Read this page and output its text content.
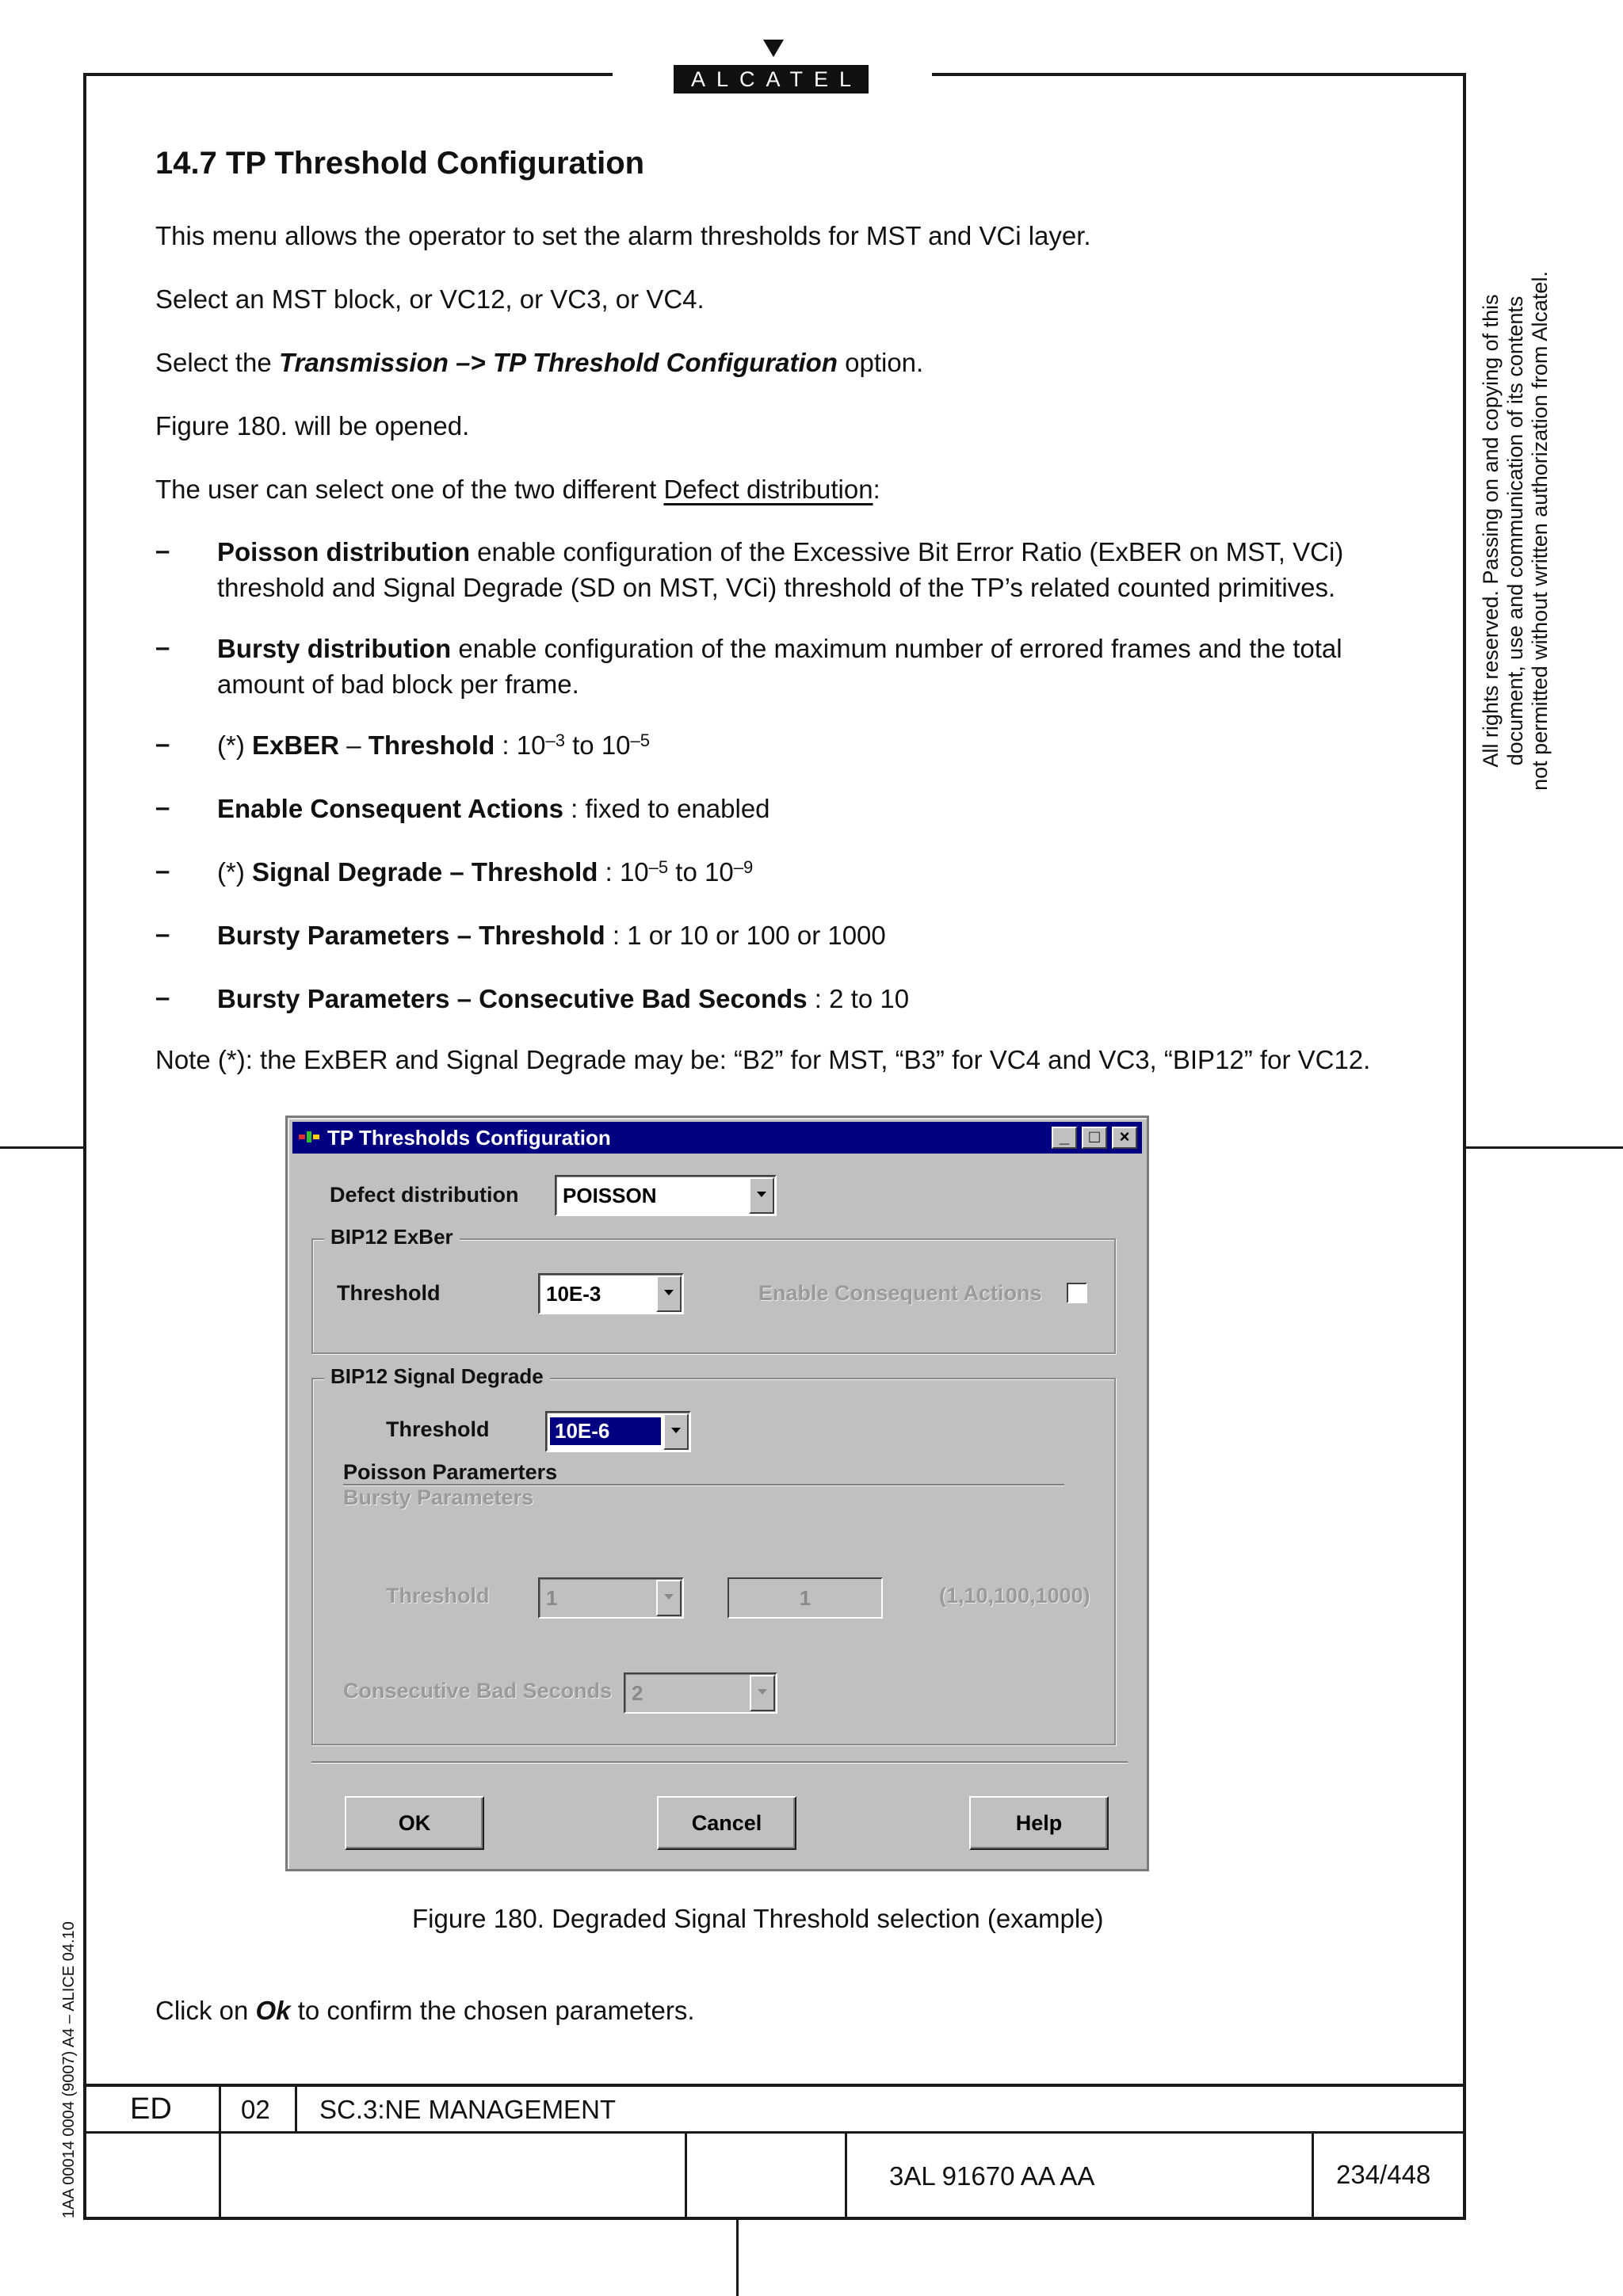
ALCATEL
14.7 TP Threshold Configuration
This menu allows the operator to set the alarm thresholds for MST and VCi layer.
Select an MST block, or VC12, or VC3, or VC4.
Select the Transmission –> TP Threshold Configuration option.
Figure 180. will be opened.
The user can select one of the two different Defect distribution:
– Poisson distribution enable configuration of the Excessive Bit Error Ratio (ExBER on MST, VCi) threshold and Signal Degrade (SD on MST, VCi) threshold of the TP’s related counted primitives.
– Bursty distribution enable configuration of the maximum number of errored frames and the total amount of bad block per frame.
– (*) ExBER – Threshold : $10^{-3}$ to $10^{-5}$
– Enable Consequent Actions : fixed to enabled
– (*) Signal Degrade – Threshold : $10^{-5}$ to $10^{-9}$
– Bursty Parameters – Threshold : 1 or 10 or 100 or 1000
– Bursty Parameters – Consecutive Bad Seconds : 2 to 10
Note (*): the ExBER and Signal Degrade may be: “B2” for MST, “B3” for VC4 and VC3, “BIP12” for VC12.
TP Thresholds Configuration	_	□	×
Defect distribution POISSON
BIP12 ExBer
Threshold	10E-3	Enable Consequent Actions
BIP12 Signal Degrade
Threshold	10E-6
Poisson Paramerters
Bursty Parameters
Threshold	1	1	(1,10,100,1000)
Consecutive Bad Seconds 2
OK	Cancel	Help
Figure 180. Degraded Signal Threshold selection (example)
Click on Ok to confirm the chosen parameters.
All rights reserved. Passing on and copying of this document, use and communication of its contents not permitted without written authorization from Alcatel.
1AA 00014 0004 (9007) A4 – ALICE 04.10 ED	02 SC.3:NE MANAGEMENT
3AL 91670 AA AA	234/448
